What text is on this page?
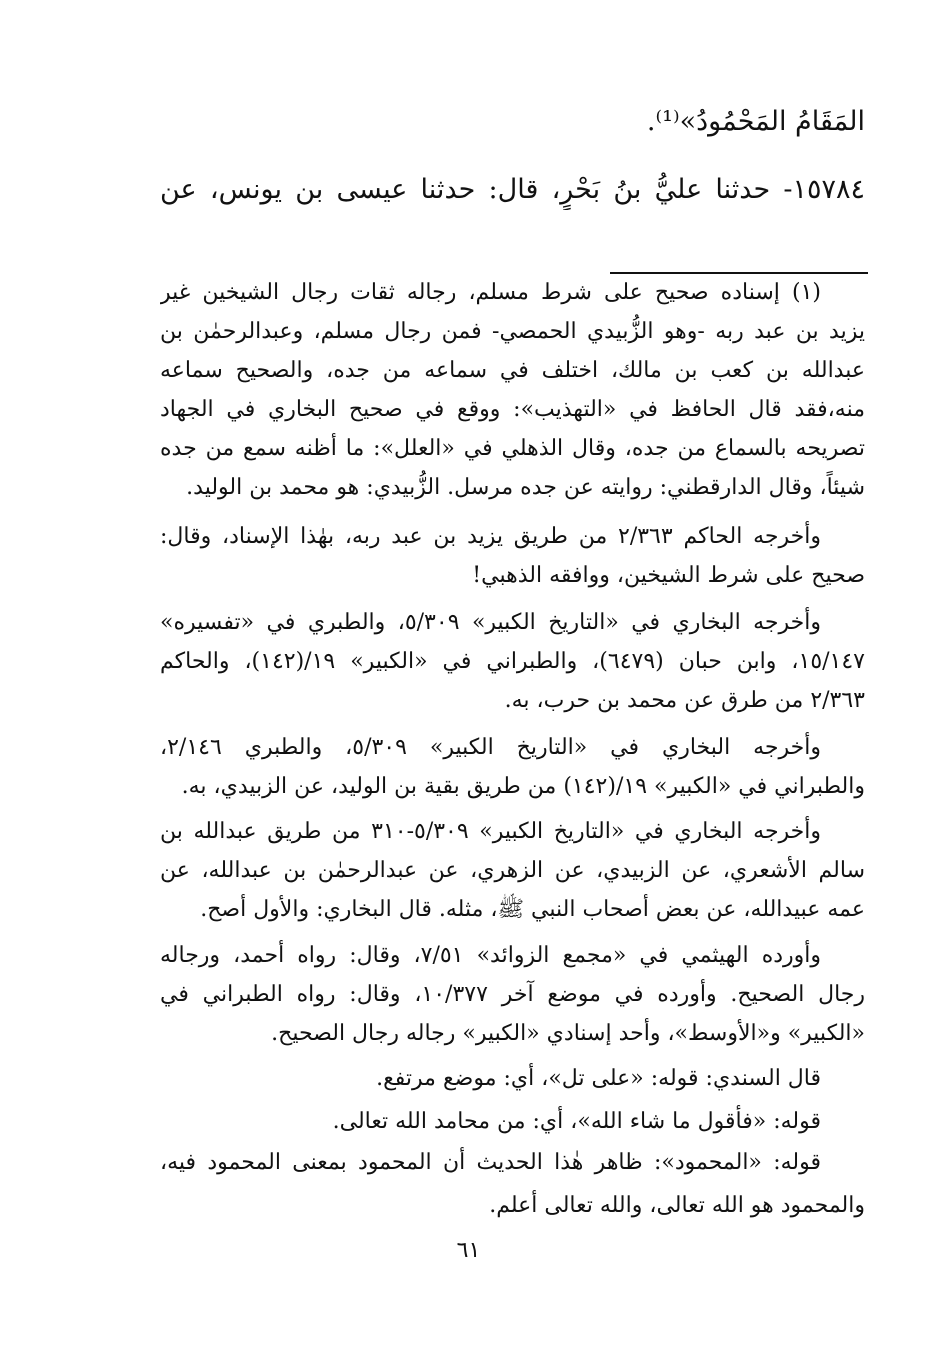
المَقَامُ المَحْمُودُ»⁽¹⁾.
١٥٧٨٤- حدثنا عليُّ بنُ بَحْرٍ، قال: حدثنا عيسى بن يونس، عن
(١) إسناده صحيح على شرط مسلم، رجاله ثقات رجال الشيخين غير
يزيد بن عبد ربه -وهو الزُّبيدي الحمصي- فمن رجال مسلم، وعبدالرحمٰن بن
عبدالله بن كعب بن مالك، اختلف في سماعه من جده، والصحيح سماعه
منه،فقد قال الحافظ في «التهذيب»: ووقع في صحيح البخاري في الجهاد
تصريحه بالسماع من جده، وقال الذهلي في «العلل»: ما أظنه سمع من جده
شيئاً، وقال الدارقطني: روايته عن جده مرسل. الزُّبيدي: هو محمد بن الوليد.
وأخرجه الحاكم ٢/٣٦٣ من طريق يزيد بن عبد ربه، بهٰذا الإسناد، وقال:
صحيح على شرط الشيخين، ووافقه الذهبي!
وأخرجه البخاري في «التاريخ الكبير» ٥/٣٠٩، والطبري في «تفسيره»
١٥/١٤٧، وابن حبان (٦٤٧٩)، والطبراني في «الكبير» ١٩/(١٤٢)، والحاكم
٢/٣٦٣ من طرق عن محمد بن حرب، به.
وأخرجه البخاري في «التاريخ الكبير» ٥/٣٠٩، والطبري ٢/١٤٦،
والطبراني في «الكبير» ١٩/(١٤٢) من طريق بقية بن الوليد، عن الزبيدي، به.
وأخرجه البخاري في «التاريخ الكبير» ٥/٣٠٩-٣١٠ من طريق عبدالله بن
سالم الأشعري، عن الزبيدي، عن الزهري، عن عبدالرحمٰن بن عبدالله، عن
عمه عبيدالله، عن بعض أصحاب النبي ﷺ، مثله. قال البخاري: والأول أصح.
وأورده الهيثمي في «مجمع الزوائد» ٧/٥١، وقال: رواه أحمد، ورجاله
رجال الصحيح. وأورده في موضع آخر ١٠/٣٧٧، وقال: رواه الطبراني في
«الكبير» و«الأوسط»، وأحد إسنادي «الكبير» رجاله رجال الصحيح.
قال السندي: قوله: «على تل»، أي: موضع مرتفع.
قوله: «فأقول ما شاء الله»، أي: من محامد الله تعالى.
قوله: «المحمود»: ظاهر هٰذا الحديث أن المحمود بمعنى المحمود فيه،
والمحمود هو الله تعالى، والله تعالى أعلم.
٦١
